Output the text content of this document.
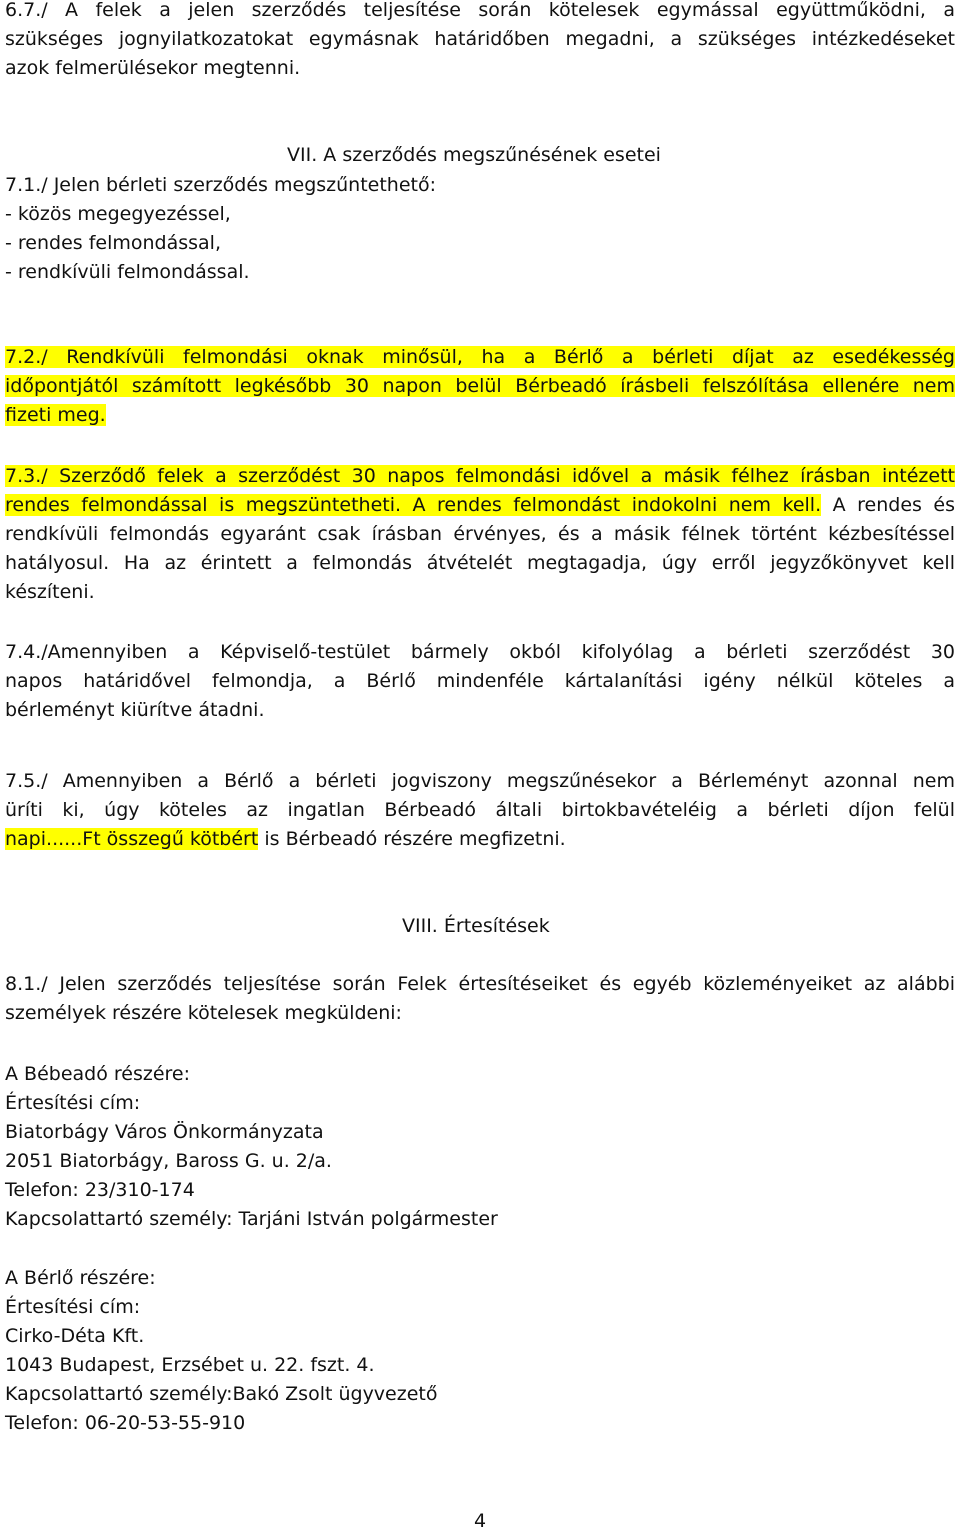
6.7./ A felek a jelen szerződés teljesítése során kötelesek egymással együttműködni, a
szükséges jognyilatkozatokat egymásnak határidőben megadni, a szükséges intézkedéseket
azok felmerülésekor megtenni.
VII. A szerződés megszűnésének esetei
7.1./ Jelen bérleti szerződés megszűntethető:
- közös megegyezéssel,
- rendes felmondással,
- rendkívüli felmondással.
7.2./ Rendkívüli felmondási oknak minősül, ha a Bérlő a bérleti díjat az esedékesség
időpontjától számított legkésőbb 30 napon belül Bérbeadó írásbeli felszólítása ellenére nem
fizeti meg.
7.3./ Szerződő felek a szerződést 30 napos felmondási idővel a másik félhez írásban intézett
rendes felmondással is megszüntetheti. A rendes felmondást indokolni nem kell. A rendes és
rendkívüli felmondás egyaránt csak írásban érvényes, és a másik félnek történt kézbesítéssel
hatályosul. Ha az érintett a felmondás átvételét megtagadja, úgy erről jegyzőkönyvet kell
készíteni.
7.4./Amennyiben a Képviselő-testület bármely okból kifolyólag a bérleti szerződést 30
napos határidővel felmondja, a Bérlő mindenféle kártalanítási igény nélkül köteles a
bérleményt kiürítve átadni.
7.5./ Amennyiben a Bérlő a bérleti jogviszony megszűnésekor a Bérleményt azonnal nem
üríti ki, úgy köteles az ingatlan Bérbeadó általi birtokbavételéig a bérleti díjon felül
napi......Ft összegű kötbért is Bérbeadó részére megfizetni.
VIII. Értesítések
8.1./ Jelen szerződés teljesítése során Felek értesítéseiket és egyéb közleményeiket az alábbi
személyek részére kötelesek megküldeni:
A Bébeadó részére:
Értesítési cím:
Biatorbágy Város Önkormányzata
2051 Biatorbágy, Baross G. u. 2/a.
Telefon: 23/310-174
Kapcsolattartó személy: Tarjáni István polgármester
A Bérlő részére:
Értesítési cím:
Cirko-Déta Kft.
1043 Budapest, Erzsébet u. 22. fszt. 4.
Kapcsolattartó személy:Bakó Zsolt ügyvezető
Telefon: 06-20-53-55-910
4
